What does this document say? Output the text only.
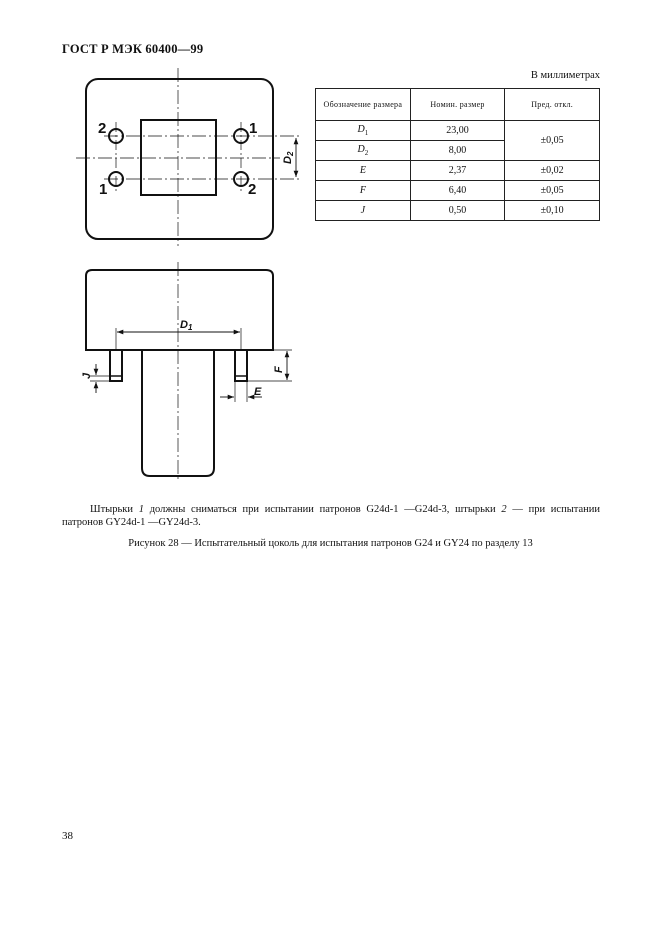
ГОСТ Р МЭК 60400—99
В миллиметрах
Обозначение размера	Номин. размер	Пред. откл.
$D_1$	23,00	±0,05
$D_2$	8,00	
E	2,37	±0,02
F	6,40	±0,05
J	0,50	±0,10
2	1
1	2
D2
D1
E
F
J
Штырьки 1 должны сниматься при испытании патронов G24d-1 —G24d-3, штырьки 2 — при испытании патронов GY24d-1 —GY24d-3.
Рисунок 28 — Испытательный цоколь для испытания патронов G24 и GY24 по разделу 13
38
